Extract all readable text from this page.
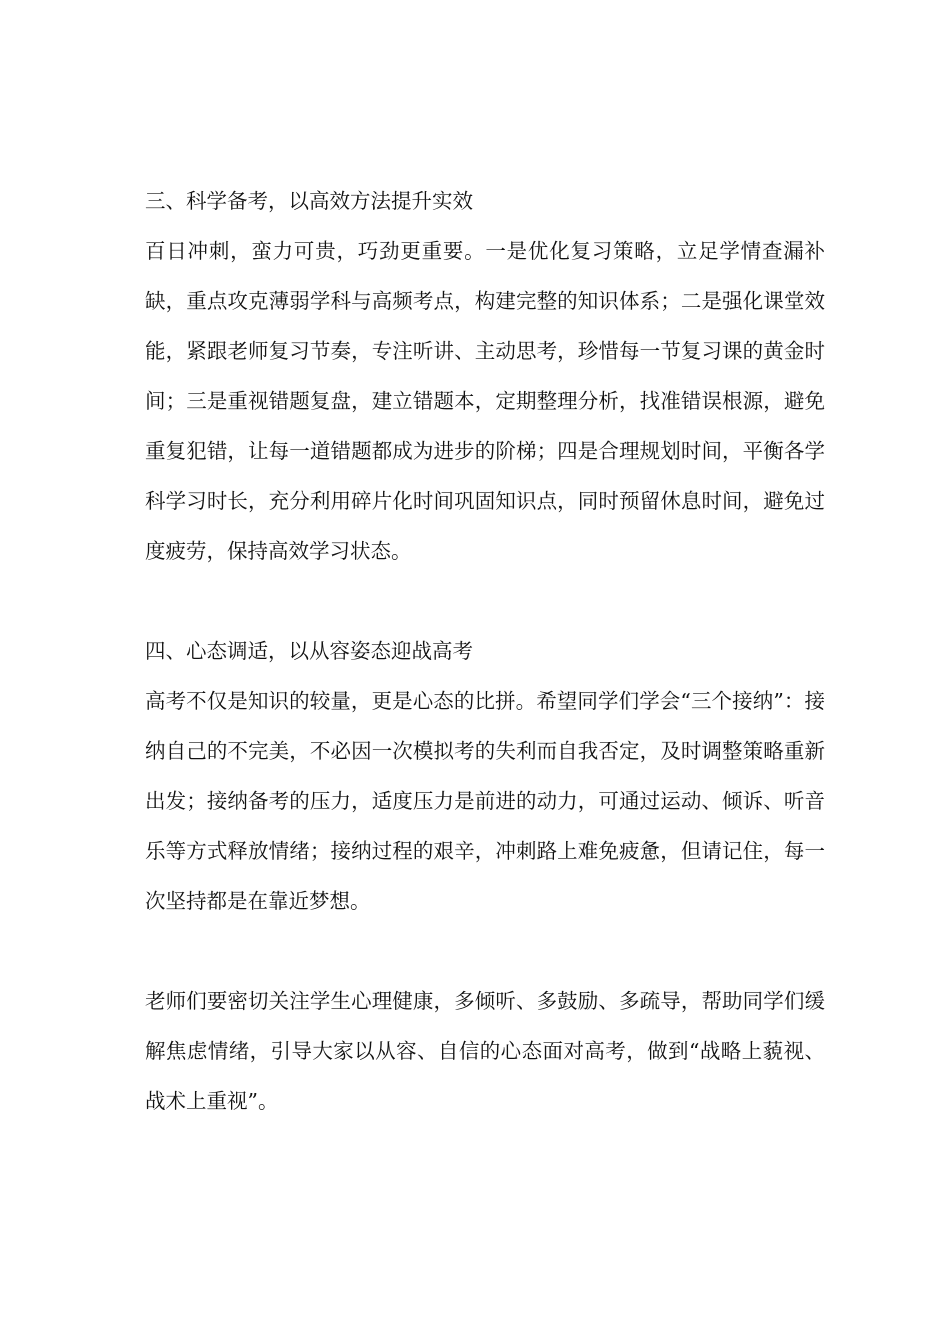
三、科学备考，以高效方法提升实效

百日冲刺，蛮力可贵，巧劲更重要。一是优化复习策略，立足学情查漏补缺，重点攻克薄弱学科与高频考点，构建完整的知识体系；二是强化课堂效能，紧跟老师复习节奏，专注听讲、主动思考，珍惜每一节复习课的黄金时间；三是重视错题复盘，建立错题本，定期整理分析，找准错误根源，避免重复犯错，让每一道错题都成为进步的阶梯；四是合理规划时间，平衡各学科学习时长，充分利用碎片化时间巩固知识点，同时预留休息时间，避免过度疲劳，保持高效学习状态。

四、心态调适，以从容姿态迎战高考

高考不仅是知识的较量，更是心态的比拼。希望同学们学会“三个接纳”：接纳自己的不完美，不必因一次模拟考的失利而自我否定，及时调整策略重新出发；接纳备考的压力，适度压力是前进的动力，可通过运动、倾诉、听音乐等方式释放情绪；接纳过程的艰辛，冲刺路上难免疲惫，但请记住，每一次坚持都是在靠近梦想。

老师们要密切关注学生心理健康，多倾听、多鼓励、多疏导，帮助同学们缓解焦虑情绪，引导大家以从容、自信的心态面对高考，做到“战略上藐视、战术上重视”。
